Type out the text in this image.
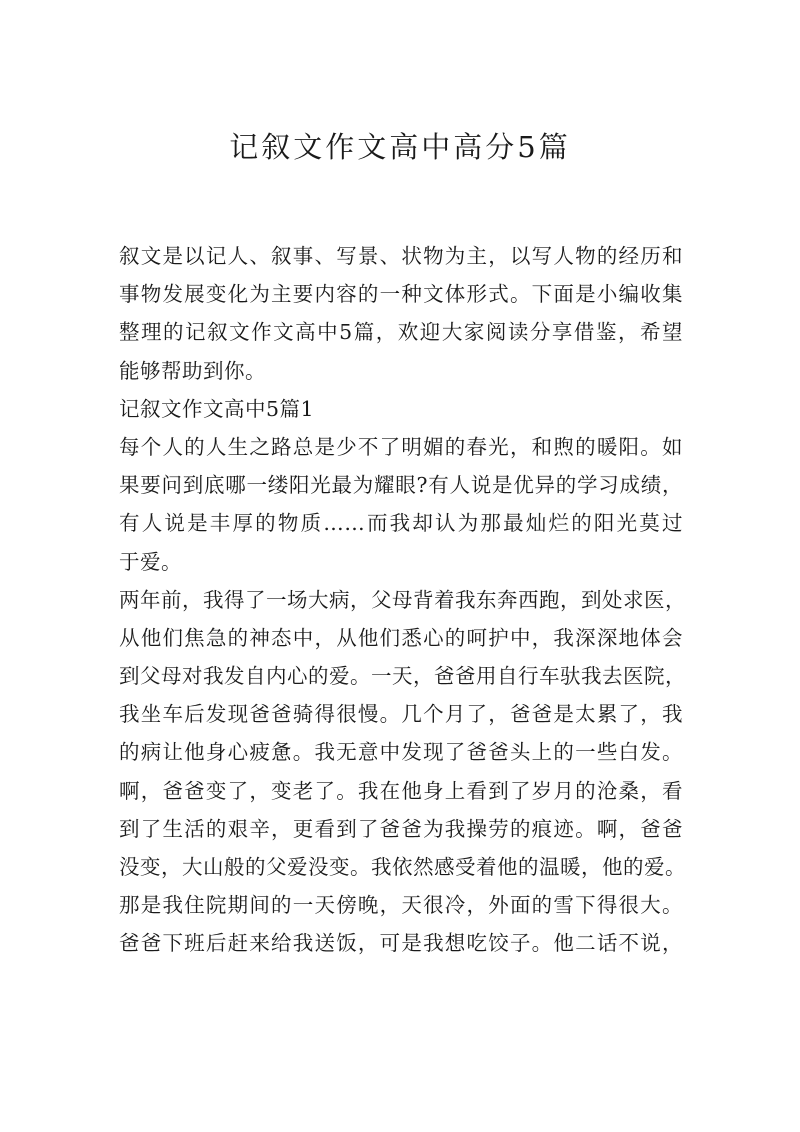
记叙文作文高中高分5篇
叙文是以记人、叙事、写景、状物为主，以写人物的经历和
事物发展变化为主要内容的一种文体形式。下面是小编收集
整理的记叙文作文高中5篇，欢迎大家阅读分享借鉴，希望
能够帮助到你。
记叙文作文高中5篇1
每个人的人生之路总是少不了明媚的春光，和煦的暖阳。如
果要问到底哪一缕阳光最为耀眼?有人说是优异的学习成绩，
有人说是丰厚的物质……而我却认为那最灿烂的阳光莫过
于爱。
两年前，我得了一场大病，父母背着我东奔西跑，到处求医，
从他们焦急的神态中，从他们悉心的呵护中，我深深地体会
到父母对我发自内心的爱。一天，爸爸用自行车驮我去医院，
我坐车后发现爸爸骑得很慢。几个月了，爸爸是太累了，我
的病让他身心疲惫。我无意中发现了爸爸头上的一些白发。
啊，爸爸变了，变老了。我在他身上看到了岁月的沧桑，看
到了生活的艰辛，更看到了爸爸为我操劳的痕迹。啊，爸爸
没变，大山般的父爱没变。我依然感受着他的温暖，他的爱。
那是我住院期间的一天傍晚，天很冷，外面的雪下得很大。
爸爸下班后赶来给我送饭，可是我想吃饺子。他二话不说，
